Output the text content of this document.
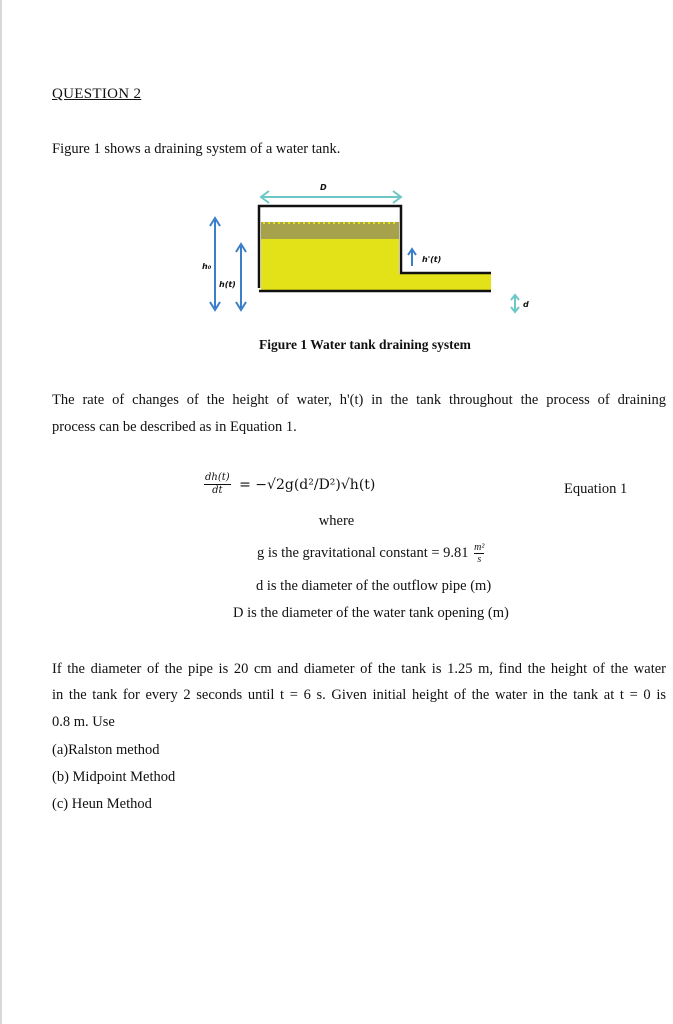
QUESTION 2
Figure 1 shows a draining system of a water tank.
D
h₀
h(t)
h'(t)
d
Figure 1 Water tank draining system
The rate of changes of the height of water, h'(t) in the tank throughout the process of draining
process can be described as in Equation 1.
$\frac{dh(t)}{dt} = -√2g(d^2/D^2)√h(t)$	Equation 1
where
g is the gravitational constant = $9.81 \frac{\text{m²}}{s}$
d is the diameter of the outflow pipe (m)
D is the diameter of the water tank opening (m)
If the diameter of the pipe is 20 cm and diameter of the tank is 1.25 m, find the height of the water
in the tank for every 2 seconds until t = 6 s. Given initial height of the water in the tank at t = 0 is
0.8 m. Use
(a)Ralston method
(b) Midpoint Method
(c) Heun Method
